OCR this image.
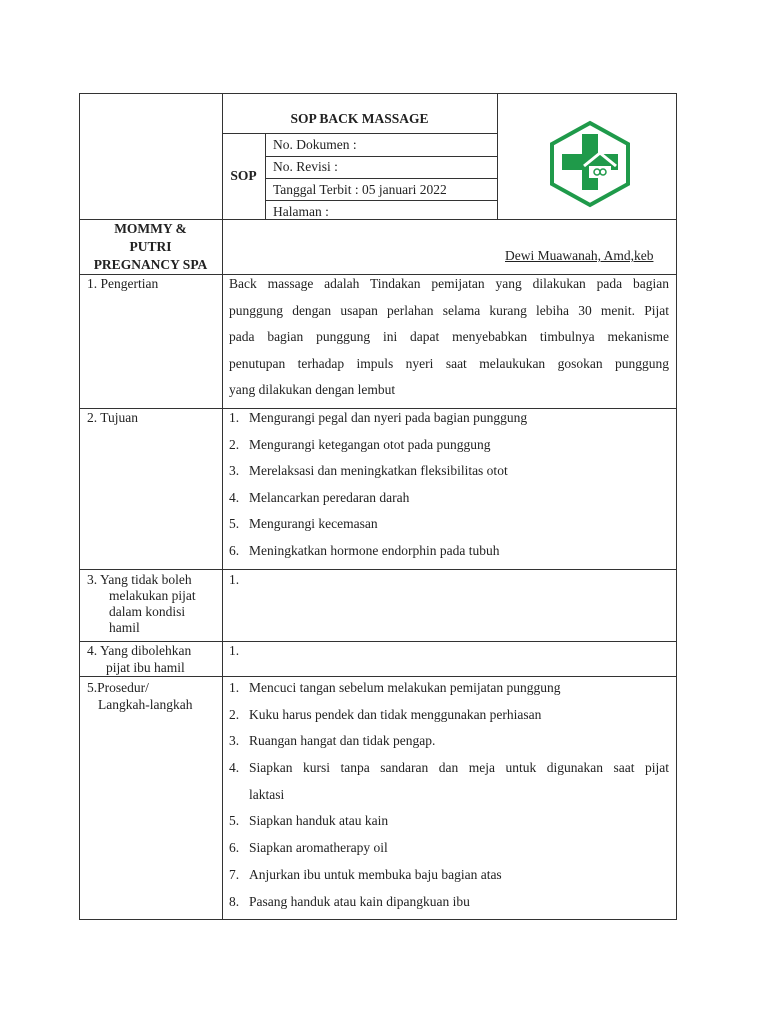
SOP BACK MASSAGE
SOP
No. Dokumen :
No. Revisi :
Tanggal Terbit : 05 januari 2022
Halaman :
MOMMY &
PUTRI
PREGNANCY SPA
Dewi Muawanah, Amd,keb
1. Pengertian	Back massage adalah Tindakan pemijatan yang dilakukan pada bagian
punggung dengan usapan perlahan selama kurang lebiha 30 menit. Pijat
pada bagian punggung ini dapat menyebabkan timbulnya mekanisme
penutupan terhadap impuls nyeri saat melaukukan gosokan punggung
yang dilakukan dengan lembut
2. Tujuan	1. Mengurangi pegal dan nyeri pada bagian punggung
2. Mengurangi ketegangan otot pada punggung
3. Merelaksasi dan meningkatkan fleksibilitas otot
4. Melancarkan peredaran darah
5. Mengurangi kecemasan
6. Meningkatkan hormone endorphin pada tubuh
3. Yang tidak boleh
melakukan pijat
dalam kondisi
hamil
1.
4. Yang dibolehkan
pijat ibu hamil
1.
5.Prosedur/
Langkah-langkah
1. Mencuci tangan sebelum melakukan pemijatan punggung
2. Kuku harus pendek dan tidak menggunakan perhiasan
3. Ruangan hangat dan tidak pengap.
4. Siapkan kursi tanpa sandaran dan meja untuk digunakan saat pijat
laktasi
5. Siapkan handuk atau kain
6. Siapkan aromatherapy oil
7. Anjurkan ibu untuk membuka baju bagian atas
8. Pasang handuk atau kain dipangkuan ibu
